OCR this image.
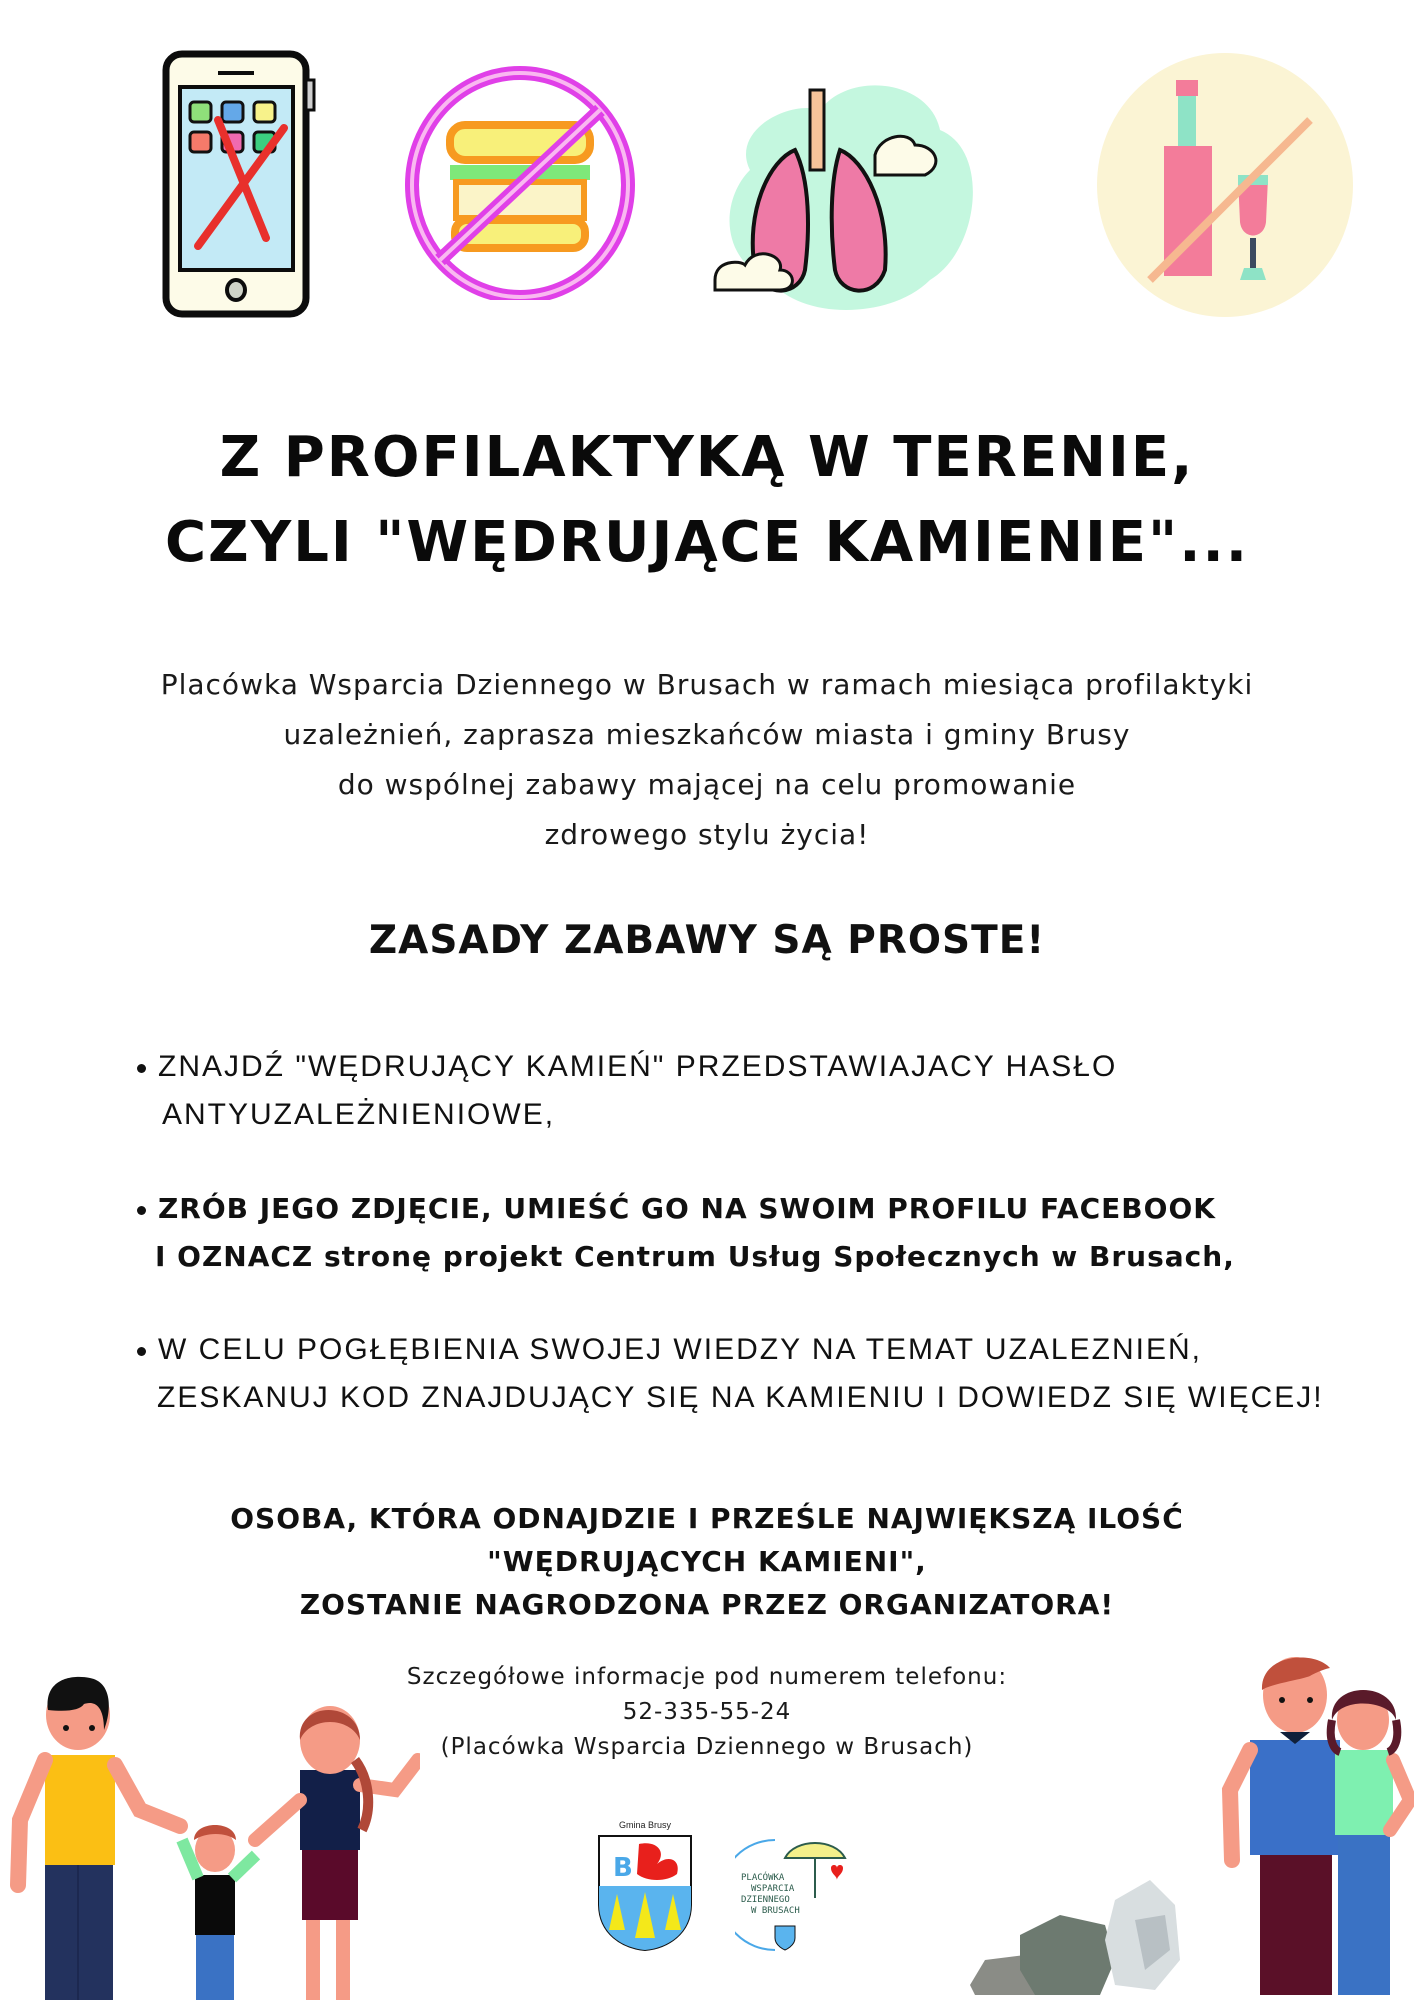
Z PROFILAKTYKĄ W TERENIE,
CZYLI "WĘDRUJĄCE KAMIENIE"...
Placówka Wsparcia Dziennego w Brusach w ramach miesiąca profilaktyki
uzależnień, zaprasza mieszkańców miasta i gminy Brusy
do wspólnej zabawy mającej na celu promowanie
zdrowego stylu życia!
ZASADY ZABAWY SĄ PROSTE!
ZNAJDŹ "WĘDRUJĄCY KAMIEŃ" PRZEDSTAWIAJACY HASŁO
ANTYUZALEŻNIENIOWE,
ZRÓB JEGO ZDJĘCIE, UMIEŚĆ GO NA SWOIM PROFILU FACEBOOK
I OZNACZ stronę projekt Centrum Usług Społecznych w Brusach,
W CELU POGŁĘBIENIA SWOJEJ WIEDZY NA TEMAT UZALEZNIEŃ,
ZESKANUJ KOD ZNAJDUJĄCY SIĘ NA KAMIENIU I DOWIEDZ SIĘ WIĘCEJ!
OSOBA, KTÓRA ODNAJDZIE I PRZEŚLE NAJWIĘKSZĄ ILOŚĆ
"WĘDRUJĄCYCH KAMIENI",
ZOSTANIE NAGRODZONA PRZEZ ORGANIZATORA!
Szczegółowe informacje pod numerem telefonu:
52-335-55-24
(Placówka Wsparcia Dziennego w Brusach)
Gmina Brusy
B	PLACÓWKA
WSPARCIA
DZIENNEGO
W BRUSACH
